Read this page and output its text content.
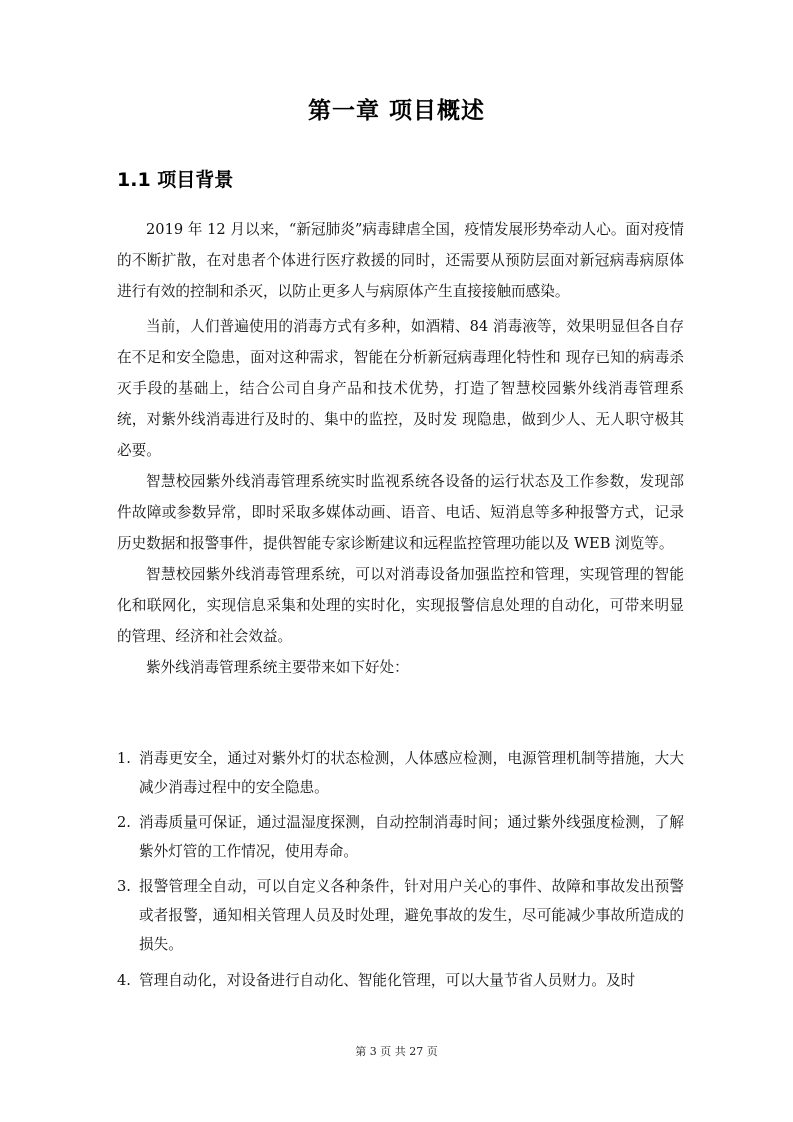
第一章 项目概述
1.1 项目背景

2019 年 12 月以来，“新冠肺炎”病毒肆虐全国，疫情发展形势牵动人心。面对疫情的不断扩散，在对患者个体进行医疗救援的同时，还需要从预防层面对新冠病毒病原体进行有效的控制和杀灭，以防止更多人与病原体产生直接接触而感染。

当前，人们普遍使用的消毒方式有多种，如酒精、84 消毒液等，效果明显但各自存在不足和安全隐患，面对这种需求，智能在分析新冠病毒理化特性和 现存已知的病毒杀灭手段的基础上，结合公司自身产品和技术优势，打造了智慧校园紫外线消毒管理系统，对紫外线消毒进行及时的、集中的监控，及时发 现隐患，做到少人、无人职守极其必要。

智慧校园紫外线消毒管理系统实时监视系统各设备的运行状态及工作参数，发现部件故障或参数异常，即时采取多媒体动画、语音、电话、短消息等多种报警方式，记录历史数据和报警事件，提供智能专家诊断建议和远程监控管理功能以及 WEB 浏览等。

智慧校园紫外线消毒管理系统，可以对消毒设备加强监控和管理，实现管理的智能化和联网化，实现信息采集和处理的实时化，实现报警信息处理的自动化，可带来明显的管理、经济和社会效益。

紫外线消毒管理系统主要带来如下好处：

1. 消毒更安全，通过对紫外灯的状态检测，人体感应检测，电源管理机制等措施，大大减少消毒过程中的安全隐患。
2. 消毒质量可保证，通过温湿度探测，自动控制消毒时间；通过紫外线强度检测，了解紫外灯管的工作情况，使用寿命。
3. 报警管理全自动，可以自定义各种条件，针对用户关心的事件、故障和事故发出预警或者报警，通知相关管理人员及时处理，避免事故的发生，尽可能减少事故所造成的损失。
4. 管理自动化，对设备进行自动化、智能化管理，可以大量节省人员财力。及时
第 3 页 共 27 页
